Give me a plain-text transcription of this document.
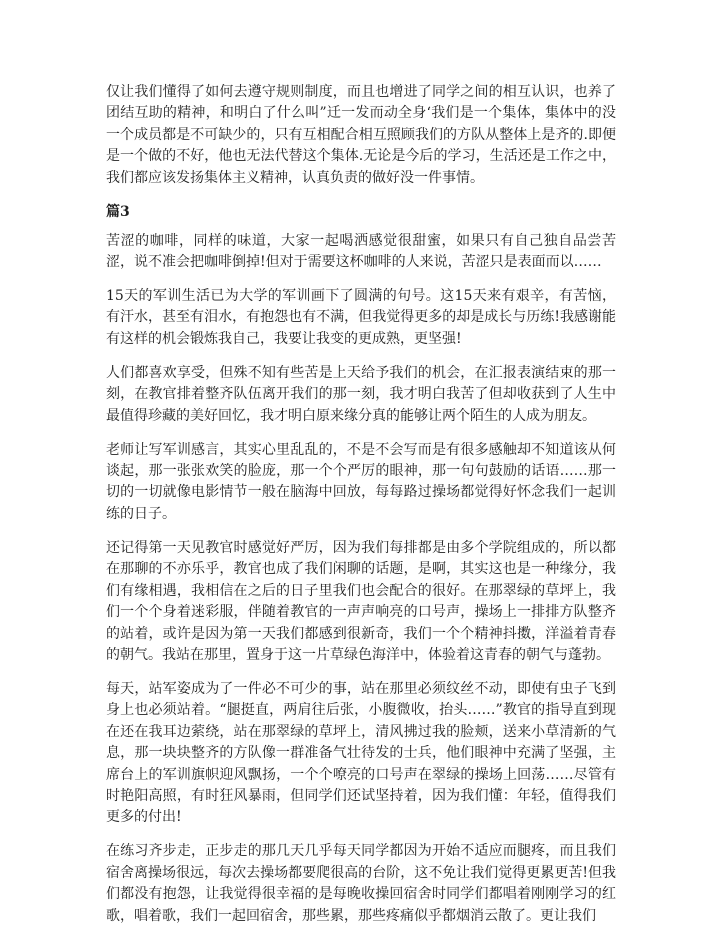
仅让我们懂得了如何去遵守规则制度，而且也增进了同学之间的相互认识，也养了团结互助的精神，和明白了什么叫”迁一发而动全身‘我们是一个集体，集体中的没一个成员都是不可缺少的，只有互相配合相互照顾我们的方队从整体上是齐的.即便是一个做的不好，他也无法代替这个集体.无论是今后的学习，生活还是工作之中，我们都应该发扬集体主义精神，认真负责的做好没一件事情。

篇3

苦涩的咖啡，同样的味道，大家一起喝洒感觉很甜蜜，如果只有自己独自品尝苦涩，说不准会把咖啡倒掉!但对于需要这杯咖啡的人来说，苦涩只是表面而以……

15天的军训生活已为大学的军训画下了圆满的句号。这15天来有艰辛，有苦恼，有汗水，甚至有泪水，有抱怨也有不满，但我觉得更多的却是成长与历练!我感谢能有这样的机会锻炼我自己，我要让我变的更成熟，更坚强!

人们都喜欢享受，但殊不知有些苦是上天给予我们的机会，在汇报表演结束的那一刻，在教官排着整齐队伍离开我们的那一刻，我才明白我苦了但却收获到了人生中最值得珍藏的美好回忆，我才明白原来缘分真的能够让两个陌生的人成为朋友。

老师让写军训感言，其实心里乱乱的，不是不会写而是有很多感触却不知道该从何谈起，那一张张欢笑的脸庞，那一个个严厉的眼神，那一句句鼓励的话语……那一切的一切就像电影情节一般在脑海中回放，每每路过操场都觉得好怀念我们一起训练的日子。

还记得第一天见教官时感觉好严厉，因为我们每排都是由多个学院组成的，所以都在那聊的不亦乐乎，教官也成了我们闲聊的话题，是啊，其实这也是一种缘分，我们有缘相遇，我相信在之后的日子里我们也会配合的很好。在那翠绿的草坪上，我们一个个身着迷彩服，伴随着教官的一声声响亮的口号声，操场上一排排方队整齐的站着，或许是因为第一天我们都感到很新奇，我们一个个精神抖擞，洋溢着青春的朝气。我站在那里，置身于这一片草绿色海洋中，体验着这青春的朝气与蓬勃。

每天，站军姿成为了一件必不可少的事，站在那里必须纹丝不动，即使有虫子飞到身上也必须站着。“腿挺直，两肩往后张，小腹微收，抬头……”教官的指导直到现在还在我耳边萦绕，站在那翠绿的草坪上，清风拂过我的脸颊，送来小草清新的气息，那一块块整齐的方队像一群准备气壮待发的士兵，他们眼神中充满了坚强，主席台上的军训旗帜迎风飘扬，一个个嘹亮的口号声在翠绿的操场上回荡……尽管有时艳阳高照，有时狂风暴雨，但同学们还试坚持着，因为我们懂：年轻，值得我们更多的付出!

在练习齐步走，正步走的那几天几乎每天同学都因为开始不适应而腿疼，而且我们宿舍离操场很远，每次去操场都要爬很高的台阶，这不免让我们觉得更累更苦!但我们都没有抱怨，让我觉得很幸福的是每晚收操回宿舍时同学们都唱着刚刚学习的红歌，唱着歌，我们一起回宿舍，那些累，那些疼痛似乎都烟消云散了。更让我们
